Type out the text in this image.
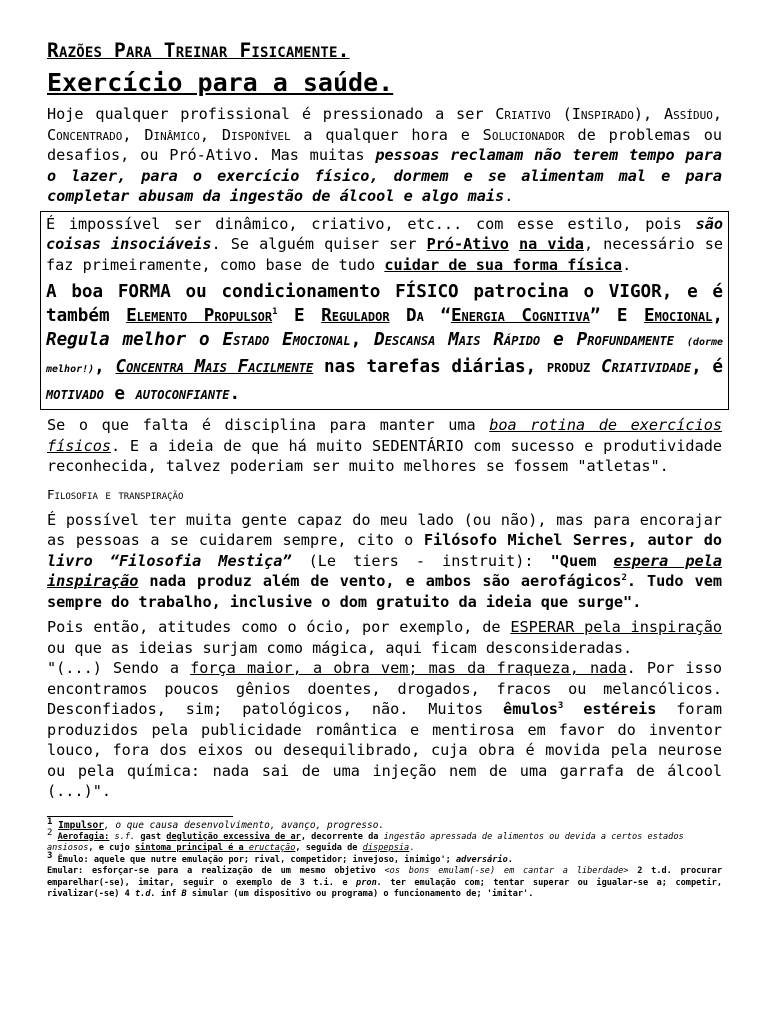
Razões Para Treinar Fisicamente.
Exercício para a saúde.

Hoje qualquer profissional é pressionado a ser Criativo (Inspirado), Assíduo, Concentrado, Dinâmico, Disponível a qualquer hora e Solucionador de problemas ou desafios, ou Pró-Ativo. Mas muitas pessoas reclamam não terem tempo para o lazer, para o exercício físico, dormem e se alimentam mal e para completar abusam da ingestão de álcool e algo mais.

É impossível ser dinâmico, criativo, etc... com esse estilo, pois são coisas insociáveis. Se alguém quiser ser Pró-Ativo na vida, necessário se faz primeiramente, como base de tudo cuidar de sua forma física.

A boa FORMA ou condicionamento FÍSICO patrocina o VIGOR, e é também Elemento Propulsor$^1$ E Regulador Da “Energia Cognitiva” E Emocional, Regula melhor o Estado Emocional, Descansa Mais Rápido e Profundamente (dorme melhor!), Concentra Mais Facilmente nas tarefas diárias, produz Criatividade, é motivado e autoconfiante.

Se o que falta é disciplina para manter uma boa rotina de exercícios físicos. E a ideia de que há muito SEDENTÁRIO com sucesso e produtividade reconhecida, talvez poderiam ser muito melhores se fossem "atletas".

Filosofia e transpiração

É possível ter muita gente capaz do meu lado (ou não), mas para encorajar as pessoas a se cuidarem sempre, cito o Filósofo Michel Serres, autor do livro “Filosofia Mestiça” (Le tiers - instruit): "Quem espera pela inspiração nada produz além de vento, e ambos são aerofágicos$^2$. Tudo vem sempre do trabalho, inclusive o dom gratuito da ideia que surge".

Pois então, atitudes como o ócio, por exemplo, de ESPERAR pela inspiração ou que as ideias surjam como mágica, aqui ficam desconsideradas.

"(...) Sendo a força maior, a obra vem; mas da fraqueza, nada. Por isso encontramos poucos gênios doentes, drogados, fracos ou melancólicos. Desconfiados, sim; patológicos, não. Muitos êmulos$^3$ estéreis foram produzidos pela publicidade romântica e mentirosa em favor do inventor louco, fora dos eixos ou desequilibrado, cuja obra é movida pela neurose ou pela química: nada sai de uma injeção nem de uma garrafa de álcool (...)".

$^1$ Impulsor, o que causa desenvolvimento, avanço, progresso.
$^2$ Aerofagia: s.f. gast deglutição excessiva de ar, decorrente da ingestão apressada de alimentos ou devida a certos estados ansiosos, e cujo sintoma principal é a eructação, seguida de dispepsia.
$^3$ Êmulo: aquele que nutre emulação por; rival, competidor; invejoso, inimigo'; adversário.
Emular: esforçar-se para a realização de um mesmo objetivo <os bons emulam(-se) em cantar a liberdade> 2 t.d. procurar emparelhar(-se), imitar, seguir o exemplo de 3 t.i. e pron. ter emulação com; tentar superar ou igualar-se a; competir, rivalizar(-se) 4 t.d. inf B simular (um dispositivo ou programa) o funcionamento de; 'imitar'.
